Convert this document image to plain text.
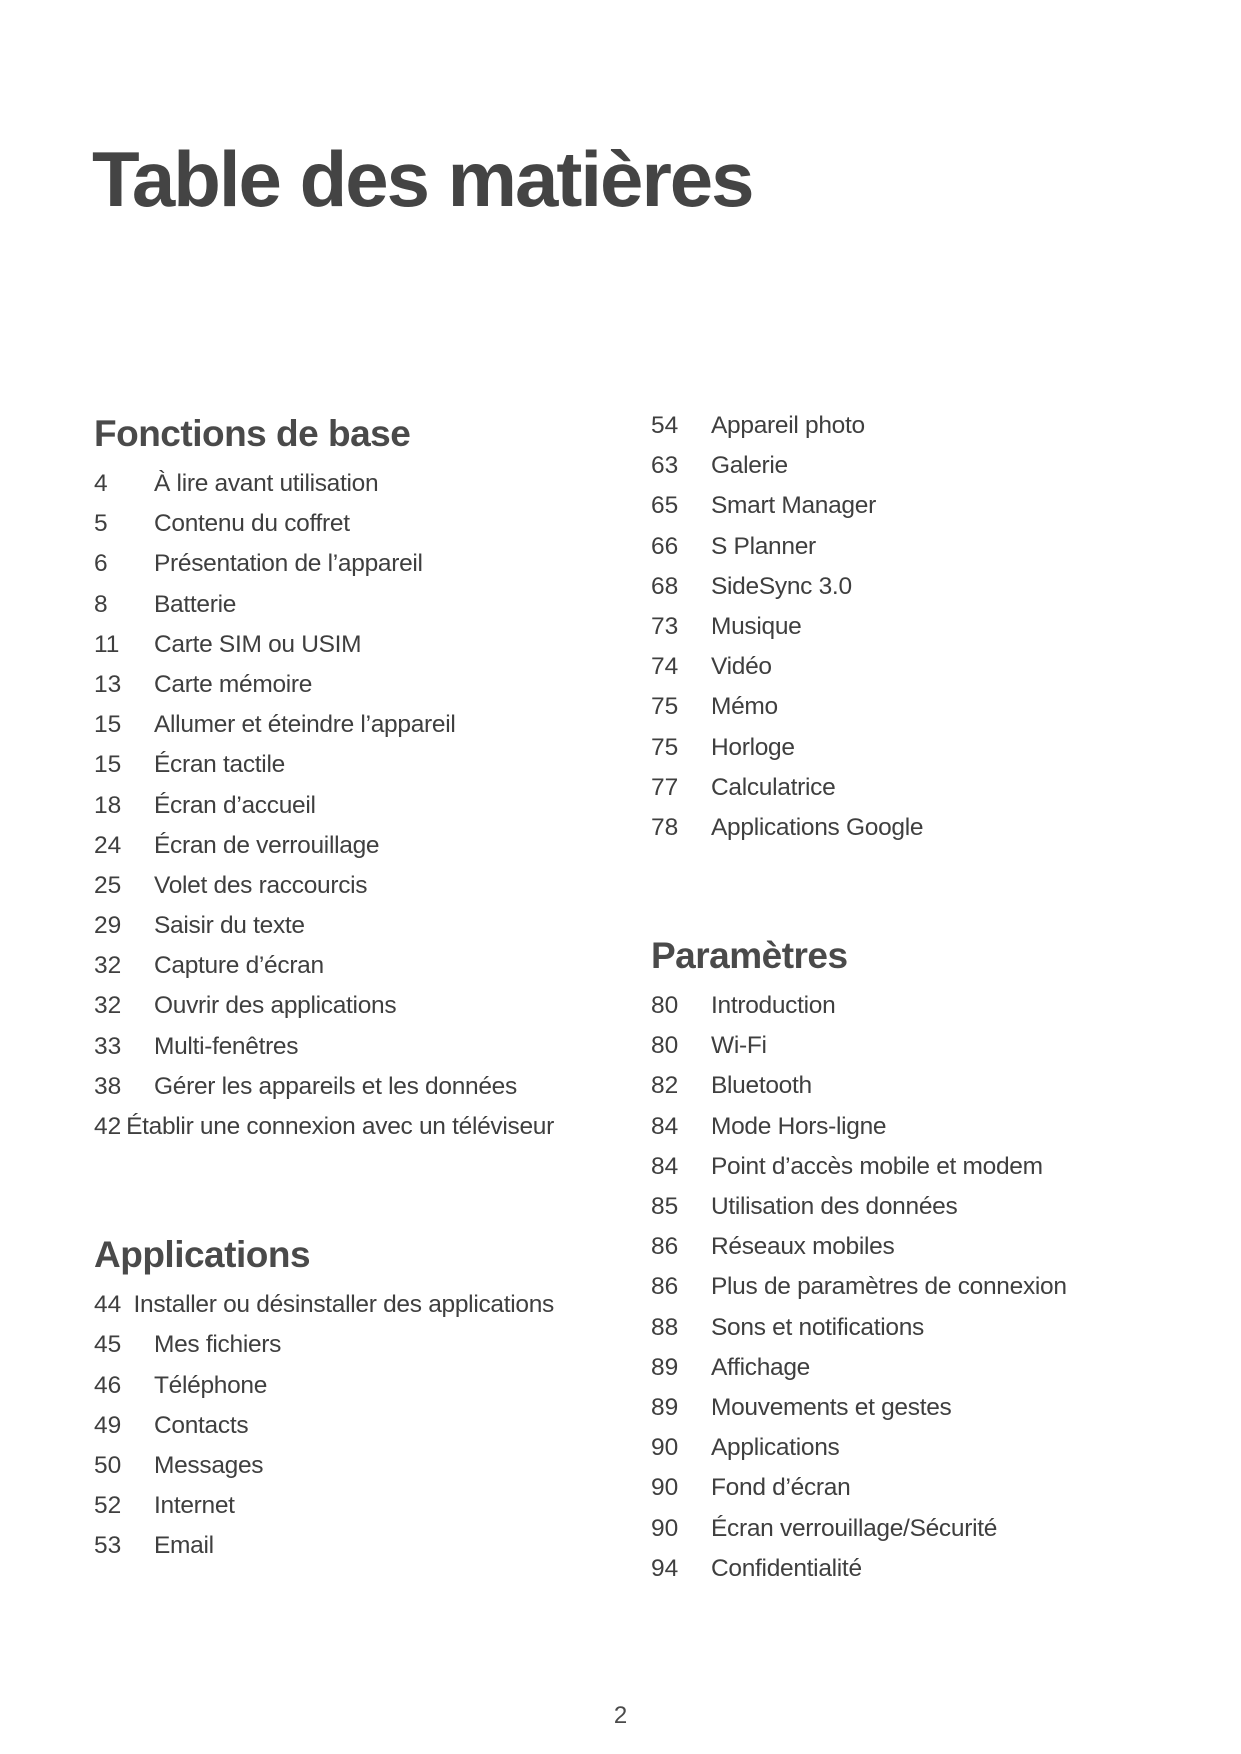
Table des matières
Fonctions de base
4	À lire avant utilisation
5	Contenu du coffret
6	Présentation de l’appareil
8	Batterie
11	Carte SIM ou USIM
13	Carte mémoire
15	Allumer et éteindre l’appareil
15	Écran tactile
18	Écran d’accueil
24	Écran de verrouillage
25	Volet des raccourcis
29	Saisir du texte
32	Capture d’écran
32	Ouvrir des applications
33	Multi-fenêtres
38	Gérer les appareils et les données
42 Établir une connexion avec un téléviseur
Applications
44 Installer ou désinstaller des applications
45	Mes fichiers
46	Téléphone
49	Contacts
50	Messages
52	Internet
53	Email
54	Appareil photo
63	Galerie
65	Smart Manager
66	S Planner
68	SideSync 3.0
73	Musique
74	Vidéo
75	Mémo
75	Horloge
77	Calculatrice
78	Applications Google
Paramètres
80	Introduction
80	Wi-Fi
82	Bluetooth
84	Mode Hors-ligne
84	Point d’accès mobile et modem
85	Utilisation des données
86	Réseaux mobiles
86	Plus de paramètres de connexion
88	Sons et notifications
89	Affichage
89	Mouvements et gestes
90	Applications
90	Fond d’écran
90	Écran verrouillage/Sécurité
94	Confidentialité
2
